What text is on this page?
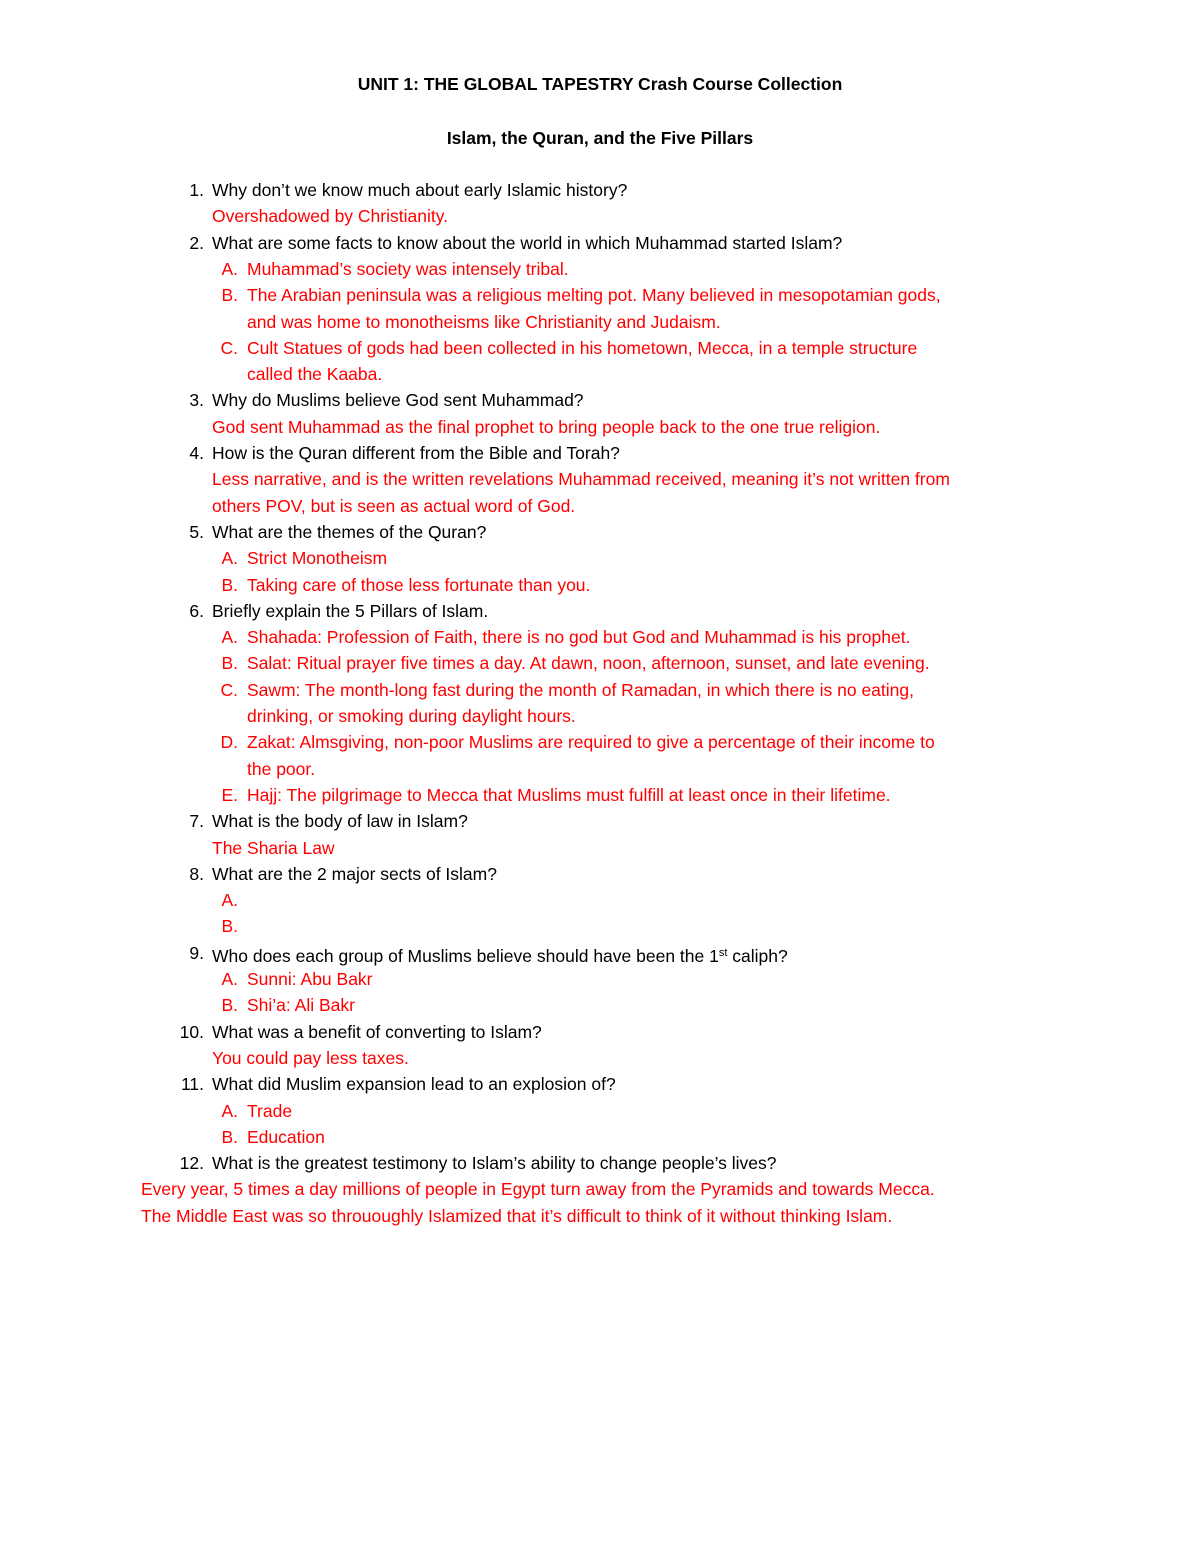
UNIT 1: THE GLOBAL TAPESTRY Crash Course Collection
Islam, the Quran, and the Five Pillars
1. Why don’t we know much about early Islamic history?
Overshadowed by Christianity.
2. What are some facts to know about the world in which Muhammad started Islam?
A. Muhammad’s society was intensely tribal.
B. The Arabian peninsula was a religious melting pot. Many believed in mesopotamian gods,
and was home to monotheisms like Christianity and Judaism.
C. Cult Statues of gods had been collected in his hometown, Mecca, in a temple structure
called the Kaaba.
3. Why do Muslims believe God sent Muhammad?
God sent Muhammad as the final prophet to bring people back to the one true religion.
4. How is the Quran different from the Bible and Torah?
Less narrative, and is the written revelations Muhammad received, meaning it’s not written from
others POV, but is seen as actual word of God.
5. What are the themes of the Quran?
A. Strict Monotheism
B. Taking care of those less fortunate than you.
6. Briefly explain the 5 Pillars of Islam.
A. Shahada: Profession of Faith, there is no god but God and Muhammad is his prophet.
B. Salat: Ritual prayer five times a day. At dawn, noon, afternoon, sunset, and late evening.
C. Sawm: The month-long fast during the month of Ramadan, in which there is no eating,
drinking, or smoking during daylight hours.
D. Zakat: Almsgiving, non-poor Muslims are required to give a percentage of their income to
the poor.
E. Hajj: The pilgrimage to Mecca that Muslims must fulfill at least once in their lifetime.
7. What is the body of law in Islam?
The Sharia Law
8. What are the 2 major sects of Islam?
A.
B.
9. Who does each group of Muslims believe should have been the 1st caliph?
A. Sunni: Abu Bakr
B. Shi’a: Ali Bakr
10. What was a benefit of converting to Islam?
You could pay less taxes.
11. What did Muslim expansion lead to an explosion of?
A. Trade
B. Education
12. What is the greatest testimony to Islam’s ability to change people’s lives?
Every year, 5 times a day millions of people in Egypt turn away from the Pyramids and towards Mecca.
The Middle East was so thrououghly Islamized that it’s difficult to think of it without thinking Islam.
